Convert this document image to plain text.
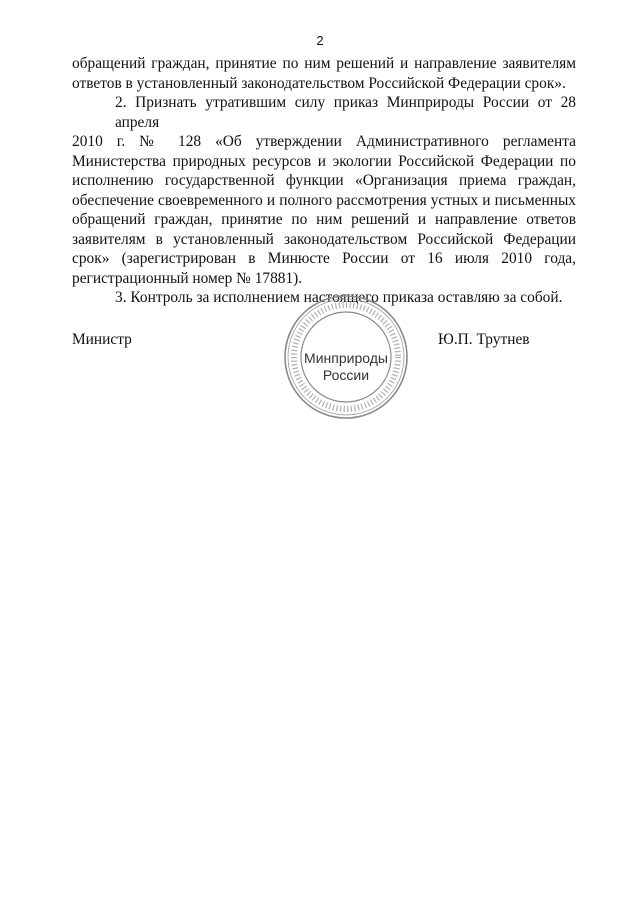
2
обращений граждан, принятие по ним решений и направление заявителям
ответов в установленный законодательством Российской Федерации срок».
2. Признать утратившим силу приказ Минприроды России от 28 апреля
2010 г. № 128 «Об утверждении Административного регламента
Министерства природных ресурсов и экологии Российской Федерации по
исполнению государственной функции «Организация приема граждан,
обеспечение своевременного и полного рассмотрения устных и письменных
обращений граждан, принятие по ним решений и направление ответов
заявителям в установленный законодательством Российской Федерации
срок» (зарегистрирован в Минюсте России от 16 июля 2010 года,
регистрационный номер № 17881).
3. Контроль за исполнением настоящего приказа оставляю за собой.
Министр
Минприроды
России
Ю.П. Трутнев
